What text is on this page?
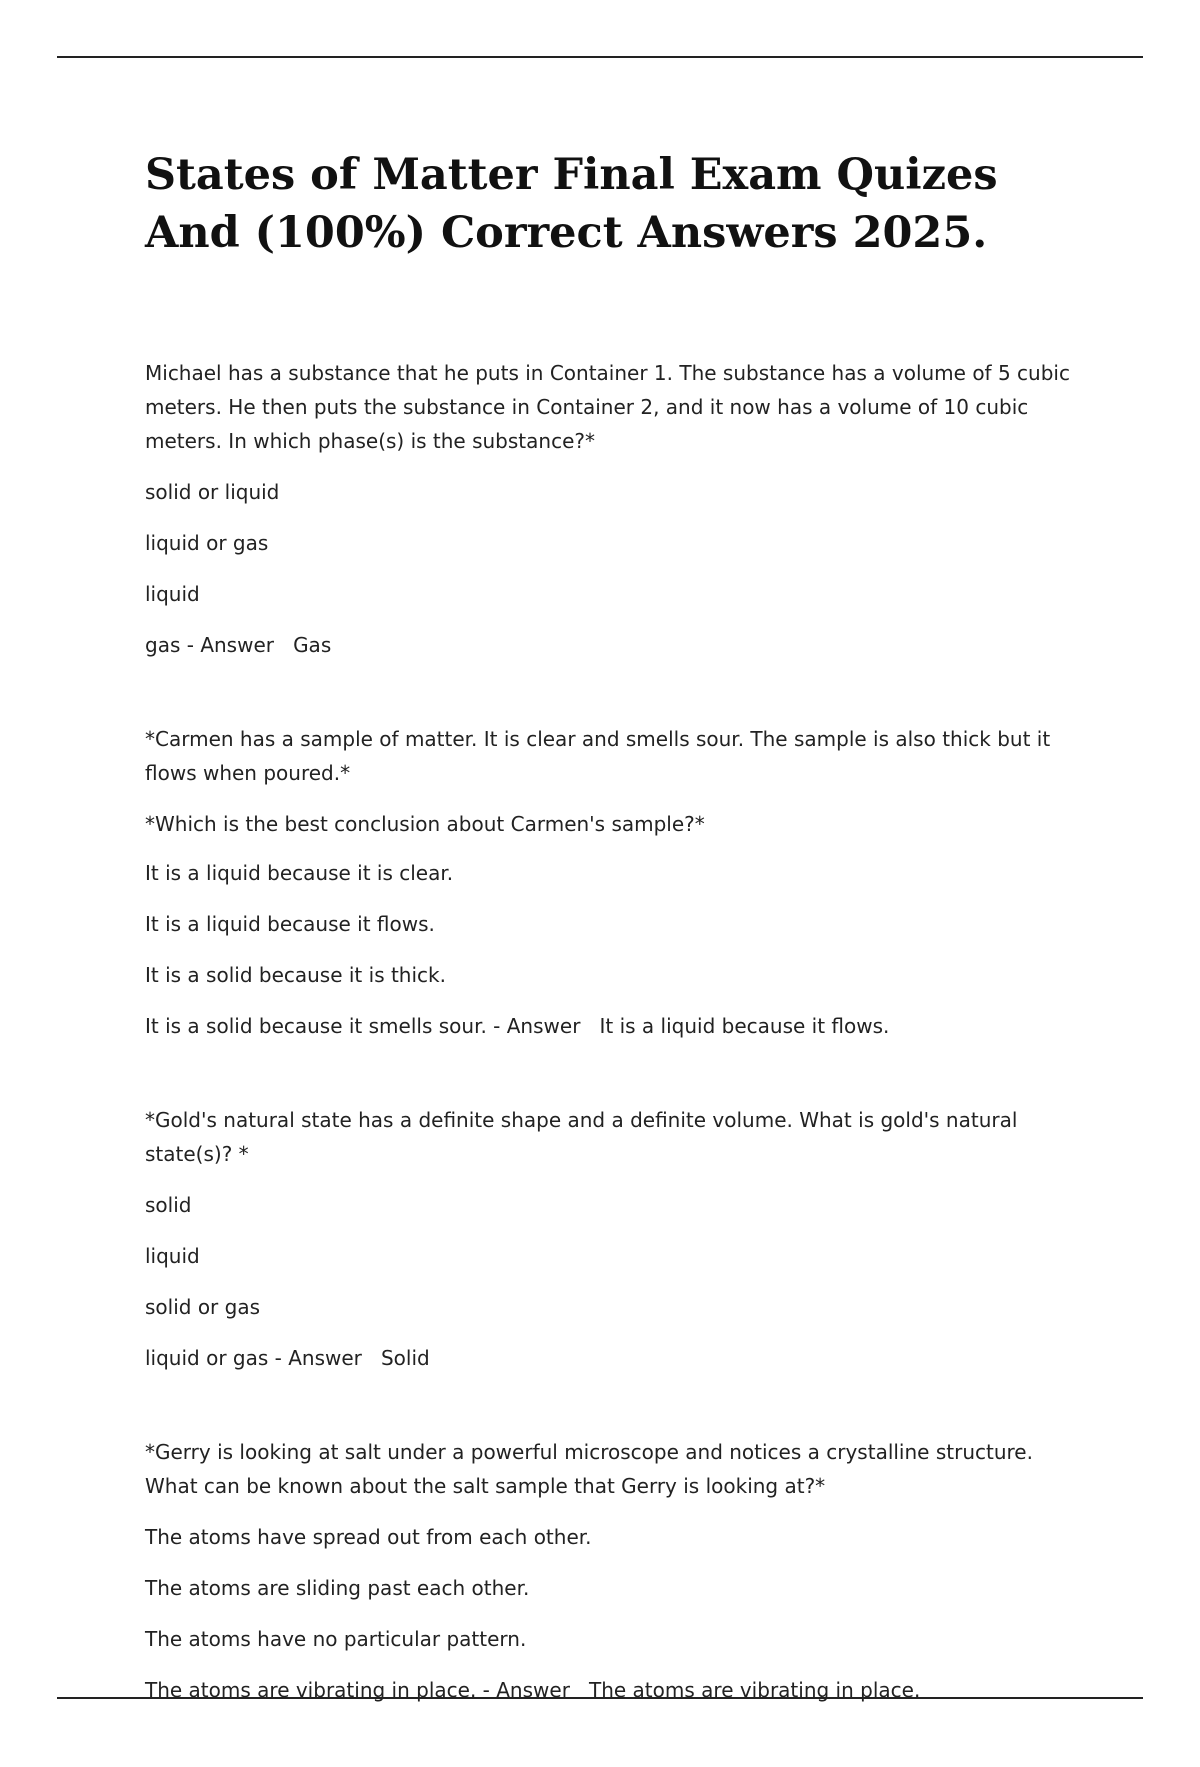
States of Matter Final Exam Quizes And (100%) Correct Answers 2025.

Michael has a substance that he puts in Container 1. The substance has a volume of 5 cubic meters. He then puts the substance in Container 2, and it now has a volume of 10 cubic meters. In which phase(s) is the substance?*

solid or liquid
liquid or gas
liquid
gas - Answer Gas

*Carmen has a sample of matter. It is clear and smells sour. The sample is also thick but it flows when poured.*

*Which is the best conclusion about Carmen's sample?*

It is a liquid because it is clear.
It is a liquid because it flows.
It is a solid because it is thick.
It is a solid because it smells sour. - Answer It is a liquid because it flows.

*Gold's natural state has a definite shape and a definite volume. What is gold's natural state(s)? *

solid
liquid
solid or gas
liquid or gas - Answer Solid

*Gerry is looking at salt under a powerful microscope and notices a crystalline structure. What can be known about the salt sample that Gerry is looking at?*

The atoms have spread out from each other.
The atoms are sliding past each other.
The atoms have no particular pattern.
The atoms are vibrating in place. - Answer The atoms are vibrating in place.
